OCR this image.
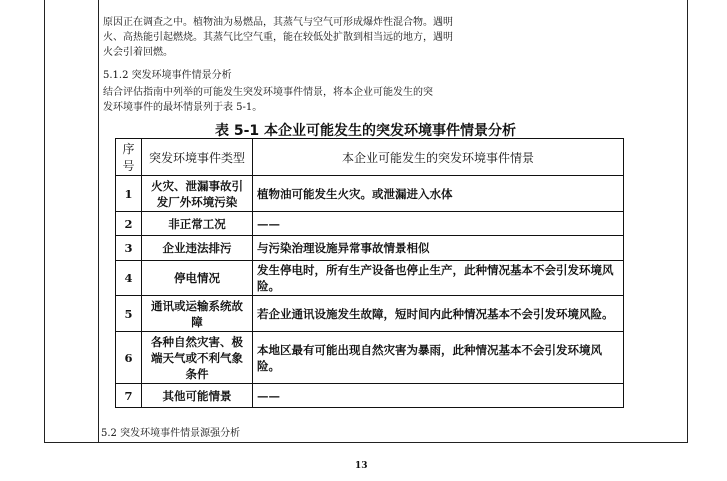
原因正在调查之中。植物油为易燃品，其蒸气与空气可形成爆炸性混合物。遇明
火、高热能引起燃烧。其蒸气比空气重，能在较低处扩散到相当远的地方，遇明
火会引着回燃。
5.1.2 突发环境事件情景分析
结合评估指南中列举的可能发生突发环境事件情景，将本企业可能发生的突
发环境事件的最坏情景列于表 5-1。
表 5-1 本企业可能发生的突发环境事件情景分析
序号	突发环境事件类型	本企业可能发生的突发环境事件情景
1	火灾、泄漏事故引发厂外环境污染	植物油可能发生火灾。或泄漏进入水体
2	非正常工况	——
3	企业违法排污	与污染治理设施异常事故情景相似
4	停电情况	发生停电时，所有生产设备也停止生产，此种情况基本不会引发环境风险。
5	通讯或运输系统故障	若企业通讯设施发生故障，短时间内此种情况基本不会引发环境风险。
6	各种自然灾害、极端天气或不利气象条件	本地区最有可能出现自然灾害为暴雨，此种情况基本不会引发环境风险。
7	其他可能情景	——
5.2 突发环境事件情景源强分析
13
